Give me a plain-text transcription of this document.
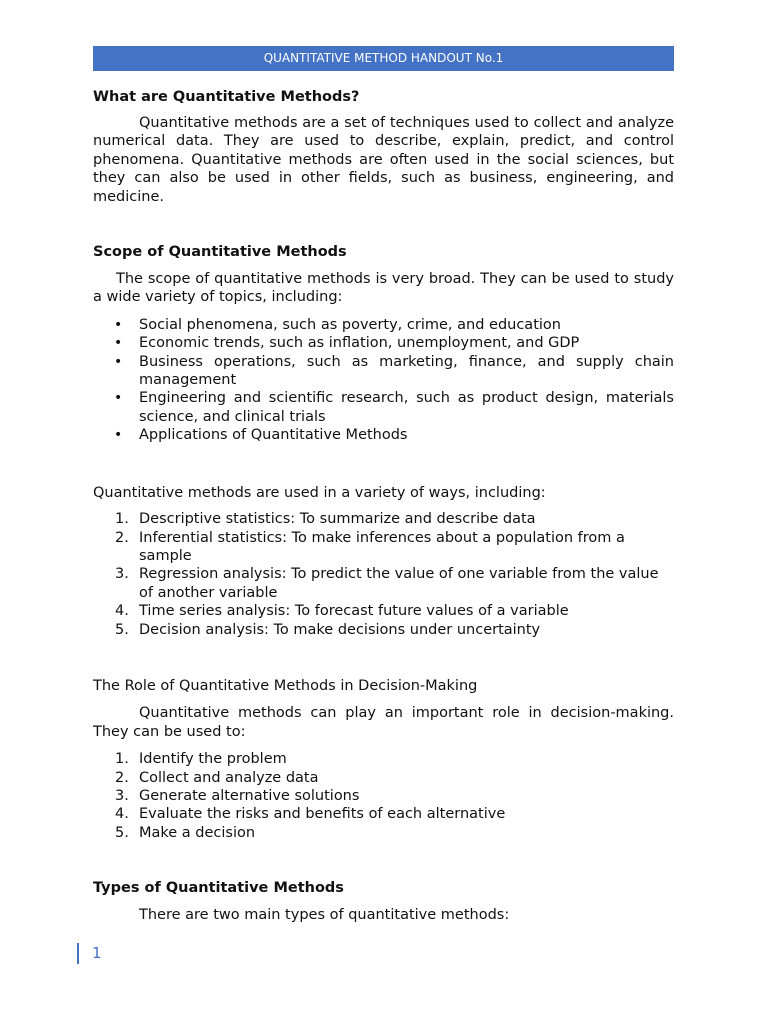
QUANTITATIVE METHOD HANDOUT No.1
What are Quantitative Methods?

Quantitative methods are a set of techniques used to collect and analyze numerical data. They are used to describe, explain, predict, and control phenomena. Quantitative methods are often used in the social sciences, but they can also be used in other fields, such as business, engineering, and medicine.

Scope of Quantitative Methods

The scope of quantitative methods is very broad. They can be used to study a wide variety of topics, including:

•	Social phenomena, such as poverty, crime, and education
•	Economic trends, such as inflation, unemployment, and GDP
•	Business operations, such as marketing, finance, and supply chain management
•	Engineering and scientific research, such as product design, materials science, and clinical trials
•	Applications of Quantitative Methods

Quantitative methods are used in a variety of ways, including:

1. Descriptive statistics: To summarize and describe data
2. Inferential statistics: To make inferences about a population from a sample
3. Regression analysis: To predict the value of one variable from the value of another variable
4. Time series analysis: To forecast future values of a variable
5. Decision analysis: To make decisions under uncertainty

The Role of Quantitative Methods in Decision-Making

Quantitative methods can play an important role in decision-making. They can be used to:

1. Identify the problem
2. Collect and analyze data
3. Generate alternative solutions
4. Evaluate the risks and benefits of each alternative
5. Make a decision
Types of Quantitative Methods

There are two main types of quantitative methods:

1
